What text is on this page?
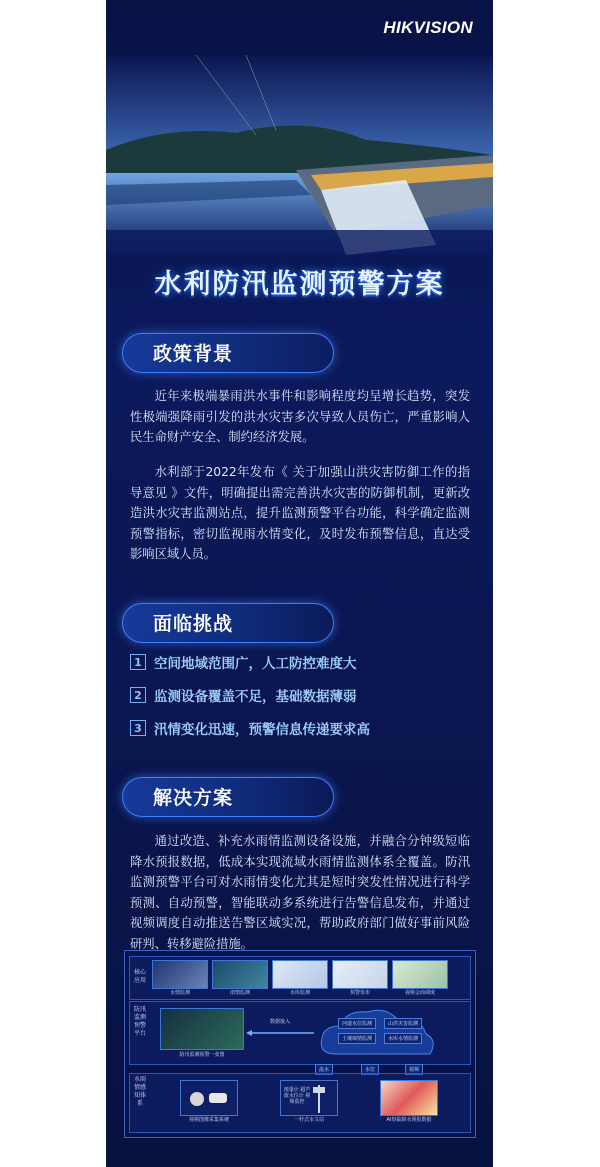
HIKVISION
水利防汛监测预警方案
政策背景

近年来极端暴雨洪水事件和影响程度均呈增长趋势，突发性极端强降雨引发的洪水灾害多次导致人员伤亡，严重影响人民生命财产安全、制约经济发展。

水利部于2022年发布《 关于加强山洪灾害防御工作的指导意见 》文件，明确提出需完善洪水灾害的防御机制，更新改造洪水灾害监测站点，提升监测预警平台功能，科学确定监测预警指标，密切监视雨水情变化，及时发布预警信息，直达受影响区域人员。

面临挑战
1 空间地域范围广，人工防控难度大
2 监测设备覆盖不足，基础数据薄弱
3 汛情变化迅速，预警信息传递要求高
解决方案

通过改造、补充水雨情监测设备设施，并融合分钟级短临降水预报数据，低成本实现流域水雨情监测体系全覆盖。防汛监测预警平台可对水雨情变化尤其是短时突发性情况进行科学预测、自动预警，智能联动多系统进行告警信息发布，并通过视频调度自动推送告警区域实况，帮助政府部门做好事前风险研判、转移避险措施。

核心应用
水情监测	雨情监测	水库监测	预警发布	视频会商调度
防汛监测预警平台
防汛监测预警一张图
数据接入	河道水位监测	山洪灾害监测
土壤墒情监测	水库水情监测
流水	水位	视频
水雨情感知体系
视频图像采集系统
雨量计 超声波水位计 视频监控
一杆式水文站	AI短临降水预报数据
